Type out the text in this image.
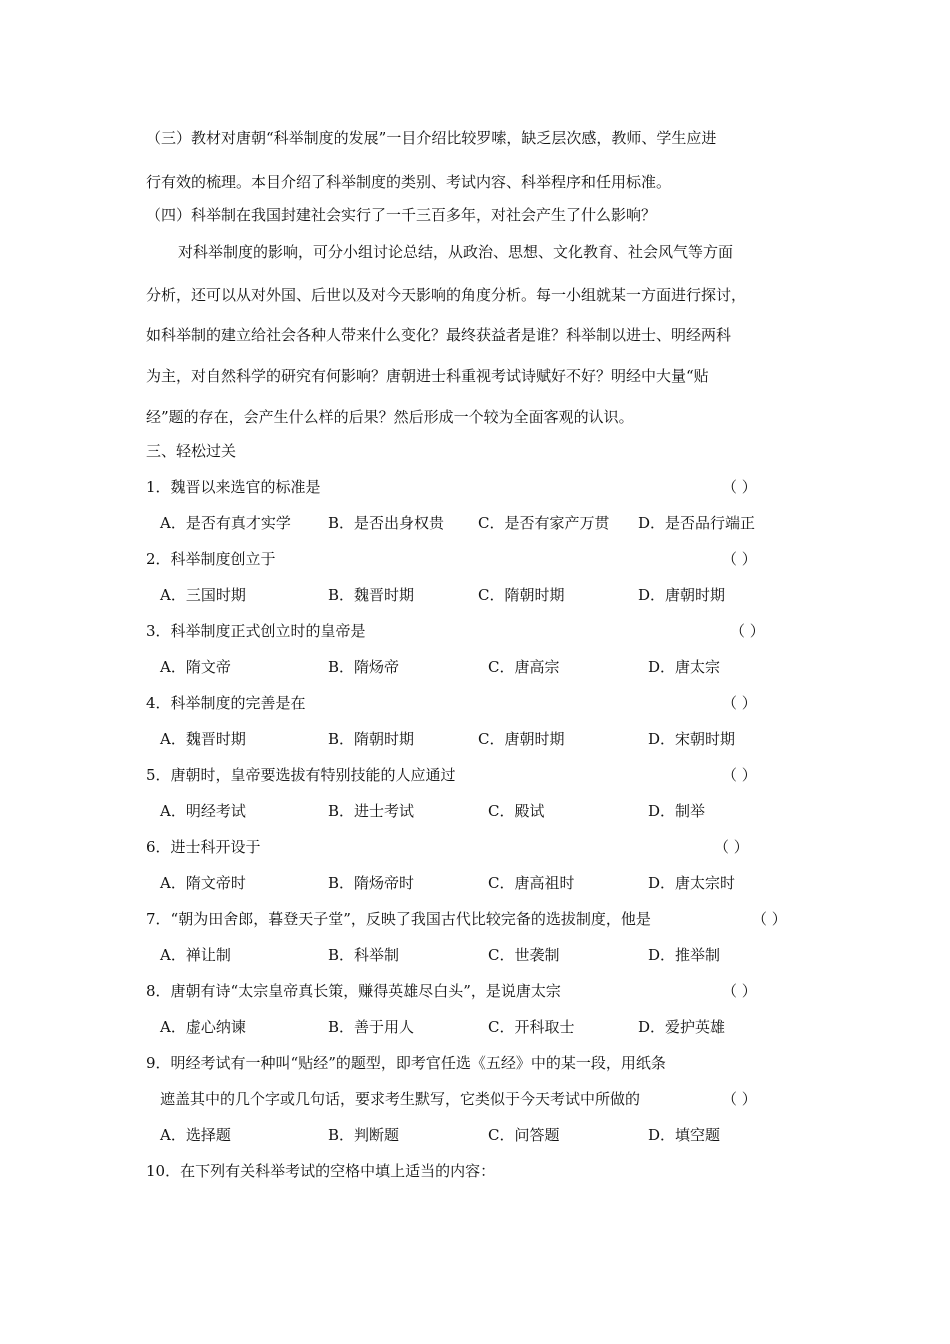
（三）教材对唐朝“科举制度的发展”一目介绍比较罗嗦，缺乏层次感，教师、学生应进
行有效的梳理。本目介绍了科举制度的类别、考试内容、科举程序和任用标准。
（四）科举制在我国封建社会实行了一千三百多年，对社会产生了什么影响？
对科举制度的影响，可分小组讨论总结，从政治、思想、文化教育、社会风气等方面
分析，还可以从对外国、后世以及对今天影响的角度分析。每一小组就某一方面进行探讨，
如科举制的建立给社会各种人带来什么变化？最终获益者是谁？科举制以进士、明经两科
为主，对自然科学的研究有何影响？唐朝进士科重视考试诗赋好不好？明经中大量“贴
经”题的存在，会产生什么样的后果？然后形成一个较为全面客观的认识。
三、轻松过关
1．魏晋以来选官的标准是	（ ）
A．是否有真才实学 B．是否出身权贵 C．是否有家产万贯 D．是否品行端正
2．科举制度创立于	（ ）
A．三国时期	B．魏晋时期	C．隋朝时期	D．唐朝时期
3．科举制度正式创立时的皇帝是	（ ）
A．隋文帝	B．隋炀帝	C．唐高宗	D．唐太宗
4．科举制度的完善是在	（ ）
A．魏晋时期	B．隋朝时期	C．唐朝时期	D．宋朝时期
5．唐朝时，皇帝要选拔有特别技能的人应通过	（ ）
A．明经考试	B．进士考试	C．殿试	D．制举
6．进士科开设于	（ ）
A．隋文帝时	B．隋炀帝时	C．唐高祖时	D．唐太宗时
7．“朝为田舍郎，暮登天子堂”，反映了我国古代比较完备的选拔制度，他是	（ ）
A．禅让制	B．科举制	C．世袭制	D．推举制
8．唐朝有诗“太宗皇帝真长策，赚得英雄尽白头”，是说唐太宗	（ ）
A．虚心纳谏	B．善于用人	C．开科取士	D．爱护英雄
9．明经考试有一种叫“贴经”的题型，即考官任选《五经》中的某一段，用纸条
遮盖其中的几个字或几句话，要求考生默写，它类似于今天考试中所做的	（ ）
A．选择题	B．判断题	C．问答题	D．填空题
10．在下列有关科举考试的空格中填上适当的内容：
